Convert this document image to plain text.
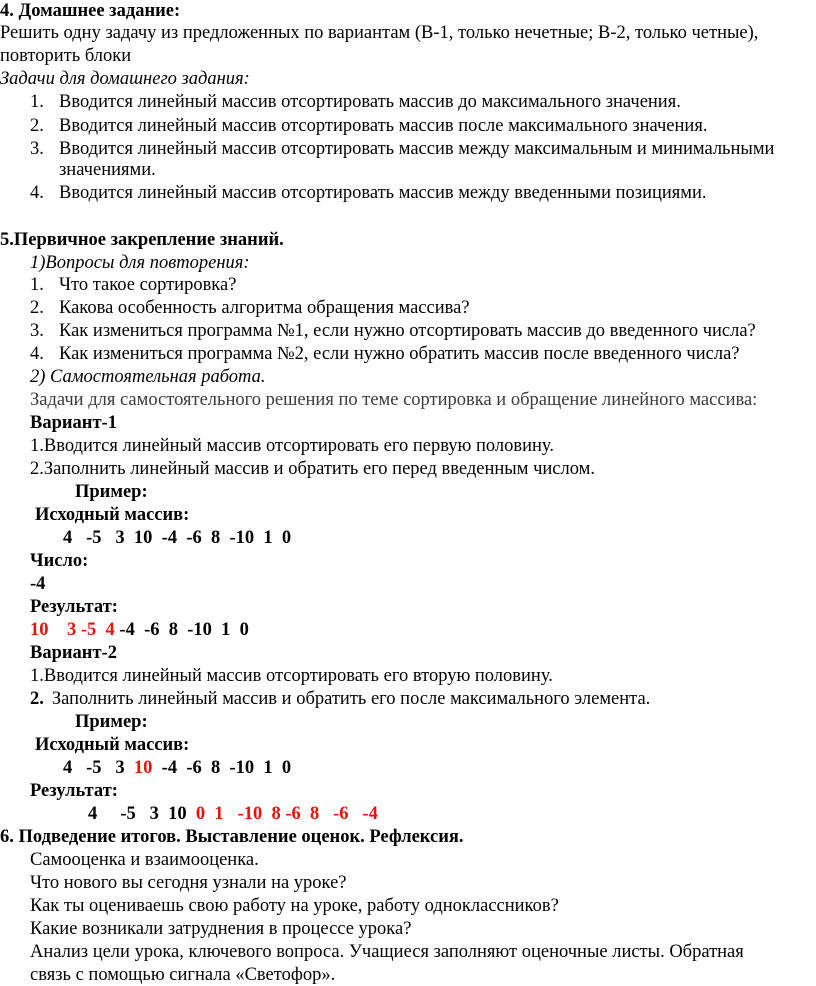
4. Домашнее задание:
Решить одну задачу из предложенных по вариантам (В-1, только нечетные; В-2, только четные),
повторить блоки
Задачи для домашнего задания:
1. Вводится линейный массив отсортировать массив до максимального значения.
2. Вводится линейный массив отсортировать массив после максимального значения.
3. Вводится линейный массив отсортировать массив между максимальным и минимальными
значениями.
4. Вводится линейный массив отсортировать массив между введенными позициями.
5.Первичное закрепление знаний.
1)Вопросы для повторения:
1. Что такое сортировка?
2. Какова особенность алгоритма обращения массива?
3. Как измениться программа №1, если нужно отсортировать массив до введенного числа?
4. Как измениться программа №2, если нужно обратить массив после введенного числа?
2) Самостоятельная работа.
Задачи для самостоятельного решения по теме сортировка и обращение линейного массива:
Вариант-1
1.Вводится линейный массив отсортировать его первую половину.
2.Заполнить линейный массив и обратить его перед введенным числом.
Пример:
Исходный массив:
4   -5   3  10  -4  -6  8  -10  1  0
Число:
-4
Результат:
10    3 -5  4 -4  -6  8  -10  1  0
Вариант-2
1.Вводится линейный массив отсортировать его вторую половину.
2. Заполнить линейный массив и обратить его после максимального элемента.
Пример:
Исходный массив:
4   -5   3  10  -4  -6  8  -10  1  0
Результат:
4     -5   3  10  0  1   -10  8 -6  8   -6   -4
6. Подведение итогов. Выставление оценок. Рефлексия.
Самооценка и взаимооценка.
Что нового вы сегодня узнали на уроке?
Как ты оцениваешь свою работу на уроке, работу одноклассников?
Какие возникали затруднения в процессе урока?
Анализ цели урока, ключевого вопроса. Учащиеся заполняют оценочные листы. Обратная
связь с помощью сигнала «Светофор».
